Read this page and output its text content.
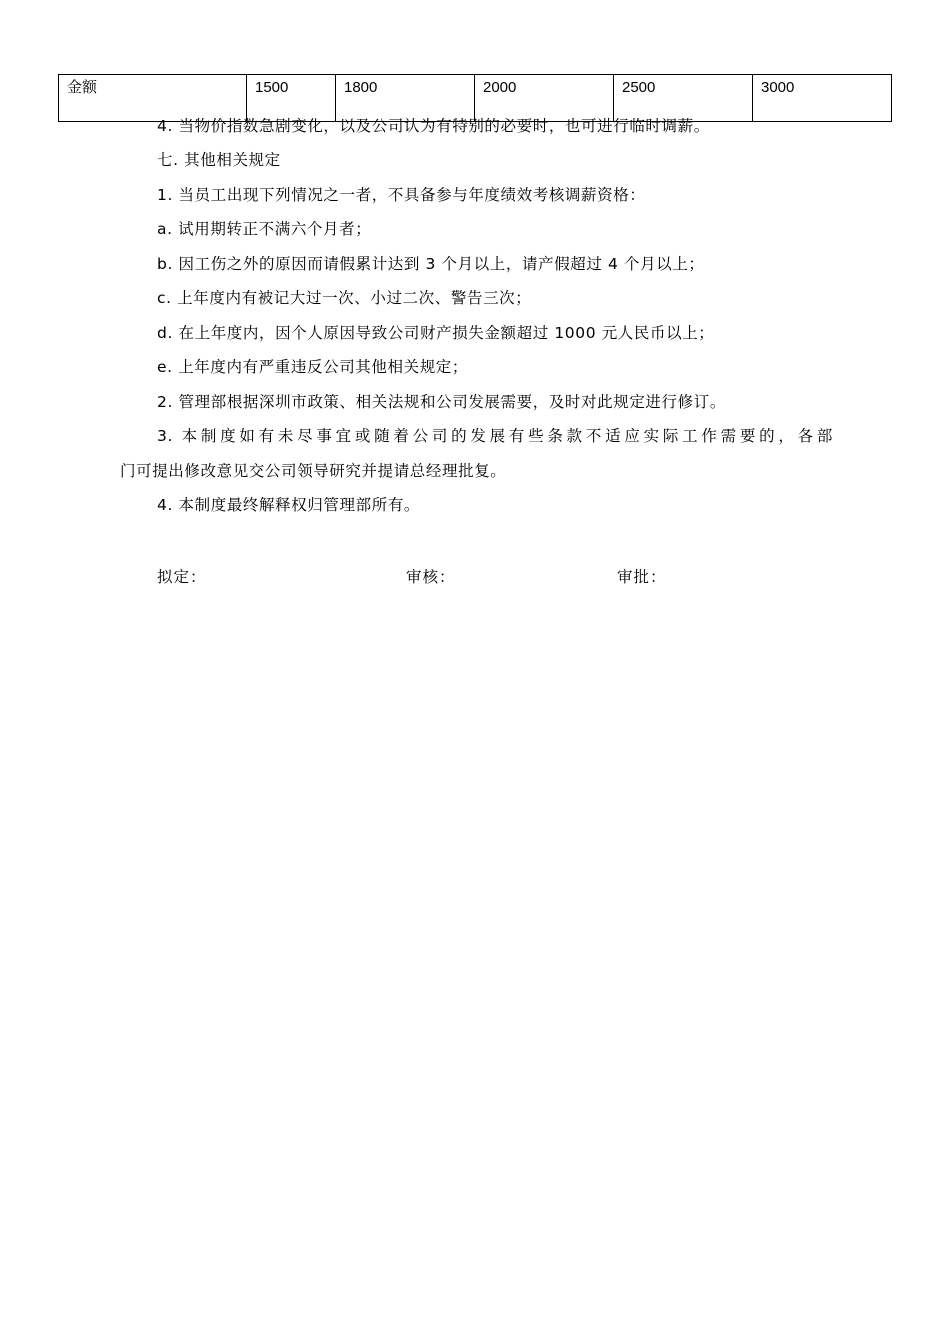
金额	1500	1800	2000	2500	3000
4. 当物价指数急剧变化，以及公司认为有特别的必要时，也可进行临时调薪。
七. 其他相关规定
1. 当员工出现下列情况之一者，不具备参与年度绩效考核调薪资格：
a. 试用期转正不满六个月者；
b. 因工伤之外的原因而请假累计达到 3 个月以上，请产假超过 4 个月以上；
c. 上年度内有被记大过一次、小过二次、警告三次；
d. 在上年度内，因个人原因导致公司财产损失金额超过 1000 元人民币以上；
e. 上年度内有严重违反公司其他相关规定；
2. 管理部根据深圳市政策、相关法规和公司发展需要，及时对此规定进行修订。
3. 本制度如有未尽事宜或随着公司的发展有些条款不适应实际工作需要的，各部
门可提出修改意见交公司领导研究并提请总经理批复。
4. 本制度最终解释权归管理部所有。
拟定：	审核：	审批：
